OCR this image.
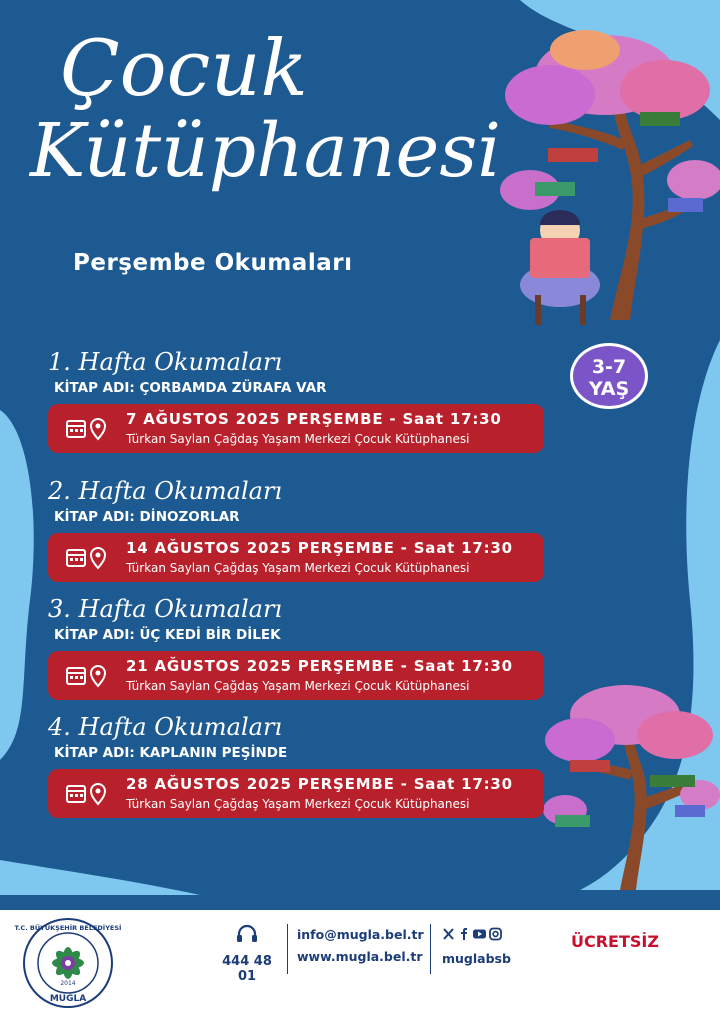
Çocuk
Kütüphanesi
Perşembe Okumaları
3-7
YAŞ
1. Hafta Okumaları
KİTAP ADI: ÇORBAMDA ZÜRAFA VAR
7 AĞUSTOS 2025 PERŞEMBE - Saat 17:30
Türkan Saylan Çağdaş Yaşam Merkezi Çocuk Kütüphanesi
2. Hafta Okumaları
KİTAP ADI: DİNOZORLAR
14 AĞUSTOS 2025 PERŞEMBE - Saat 17:30
Türkan Saylan Çağdaş Yaşam Merkezi Çocuk Kütüphanesi
3. Hafta Okumaları
KİTAP ADI: ÜÇ KEDİ BİR DİLEK
21 AĞUSTOS 2025 PERŞEMBE - Saat 17:30
Türkan Saylan Çağdaş Yaşam Merkezi Çocuk Kütüphanesi
4. Hafta Okumaları
KİTAP ADI: KAPLANIN PEŞİNDE
28 AĞUSTOS 2025 PERŞEMBE - Saat 17:30
Türkan Saylan Çağdaş Yaşam Merkezi Çocuk Kütüphanesi
2014
MUĞLA
T.C. BÜYÜKŞEHİR BELEDİYESİ
444 48 01
info@mugla.bel.tr
www.mugla.bel.tr muglabsb
ÜCRETSİZ
